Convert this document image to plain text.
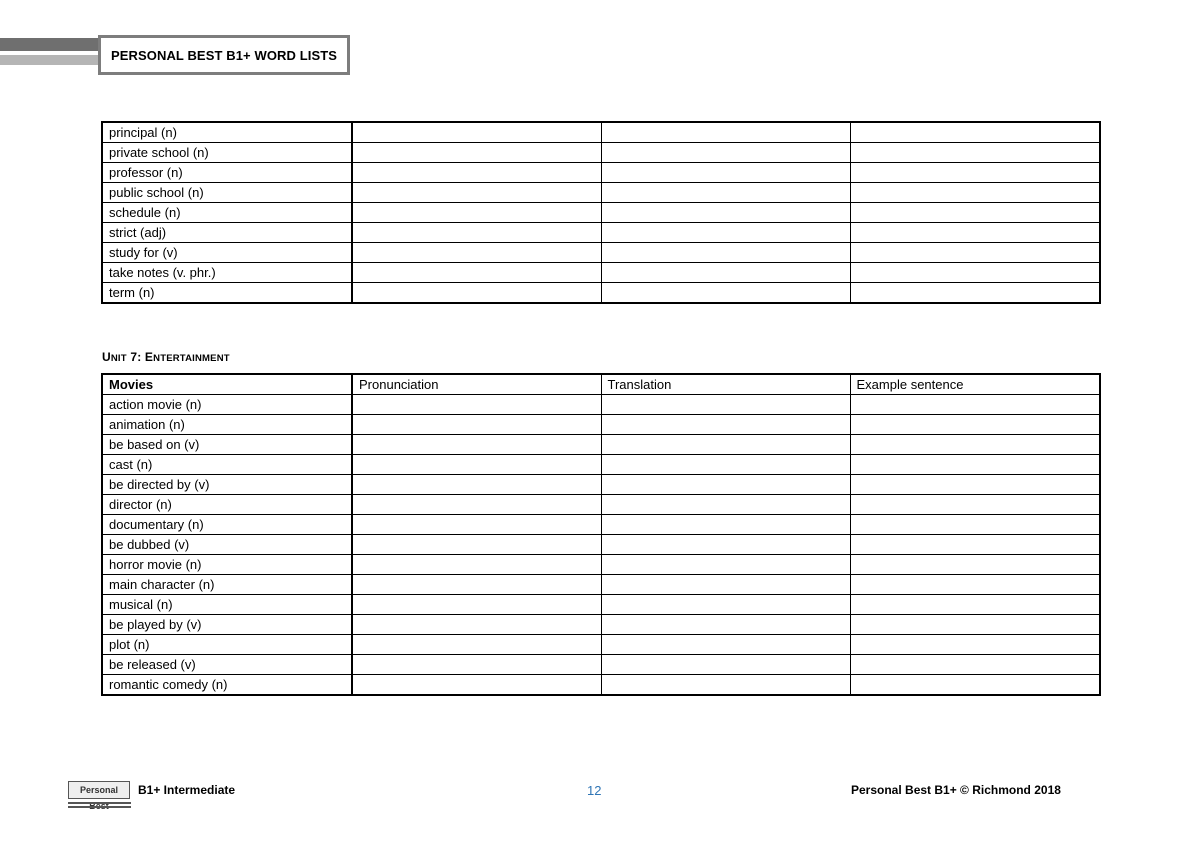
PERSONAL BEST B1+ WORD LISTS
principal (n)			
private school (n)			
professor (n)			
public school (n)			
schedule (n)			
strict (adj)			
study for (v)			
take notes (v. phr.)			
term (n)			
UNIT 7: ENTERTAINMENT
Movies	Pronunciation	Translation	Example sentence
action movie (n)			
animation (n)			
be based on (v)			
cast (n)			
be directed by (v)			
director (n)			
documentary (n)			
be dubbed (v)			
horror movie (n)			
main character (n)			
musical (n)			
be played by (v)			
plot (n)			
be released (v)			
romantic comedy (n)			
Personal	B1+ Intermediate	12	Personal Best B1+ © Richmond 2018
